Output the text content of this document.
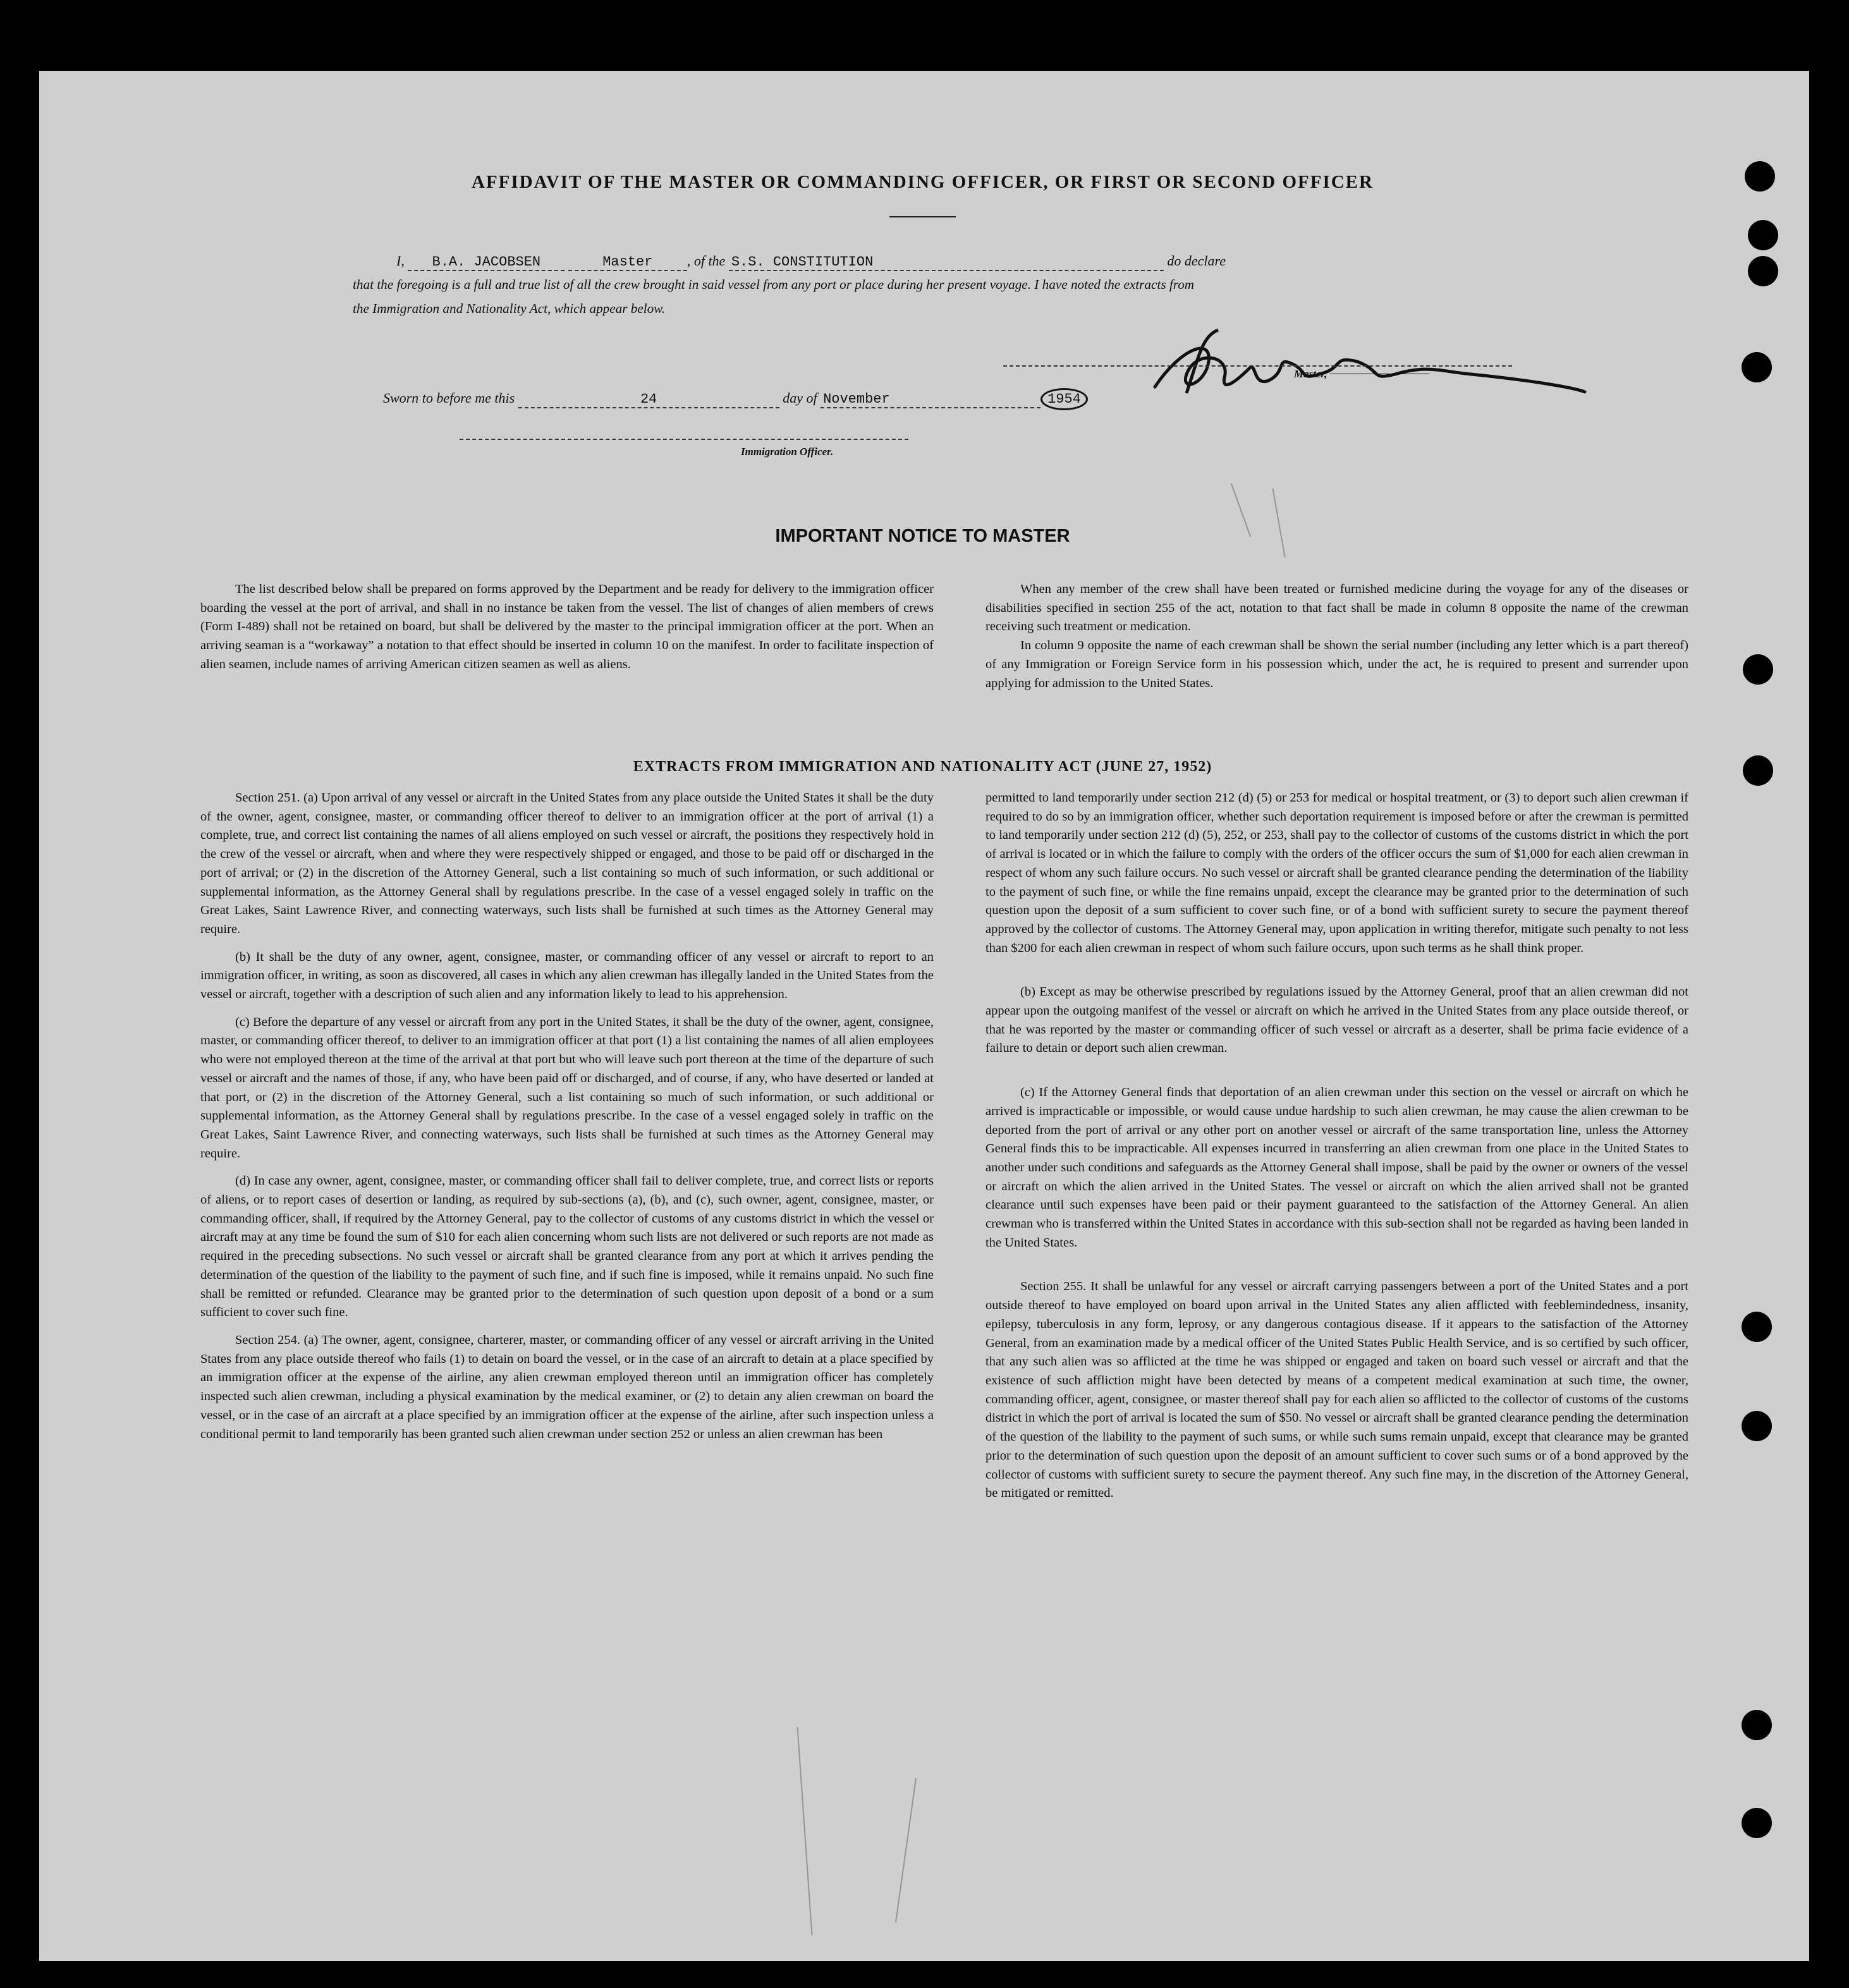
AFFIDAVIT OF THE MASTER OR COMMANDING OFFICER, OR FIRST OR SECOND OFFICER
I, B.A. JACOBSEN	Master , of the S.S. CONSTITUTION	do declare
that the foregoing is a full and true list of all the crew brought in said vessel from any port or place during her present voyage. I have noted the extracts from
the Immigration and Nationality Act, which appear below.
Master,
Sworn to before me this	24	day of November	1954
Immigration Officer.
IMPORTANT NOTICE TO MASTER

The list described below shall be prepared on forms approved by the Department and be ready for delivery to the immigration officer boarding the vessel at the port of arrival, and shall in no instance be taken from the vessel. The list of changes of alien members of crews (Form I-489) shall not be retained on board, but shall be delivered by the master to the principal immigration officer at the port. When an arriving seaman is a “workaway” a notation to that effect should be inserted in column 10 on the manifest. In order to facilitate inspection of alien seamen, include names of arriving American citizen seamen as well as aliens.

When any member of the crew shall have been treated or furnished medicine during the voyage for any of the diseases or disabilities specified in section 255 of the act, notation to that fact shall be made in column 8 opposite the name of the crewman receiving such treatment or medication.

In column 9 opposite the name of each crewman shall be shown the serial number (including any letter which is a part thereof) of any Immigration or Foreign Service form in his possession which, under the act, he is required to present and surrender upon applying for admission to the United States.

EXTRACTS FROM IMMIGRATION AND NATIONALITY ACT (JUNE 27, 1952)

Section 251. (a) Upon arrival of any vessel or aircraft in the United States from any place outside the United States it shall be the duty of the owner, agent, consignee, master, or commanding officer thereof to deliver to an immigration officer at the port of arrival (1) a complete, true, and correct list containing the names of all aliens employed on such vessel or aircraft, the positions they respectively hold in the crew of the vessel or aircraft, when and where they were respectively shipped or engaged, and those to be paid off or discharged in the port of arrival; or (2) in the discretion of the Attorney General, such a list containing so much of such information, or such additional or supplemental information, as the Attorney General shall by regulations prescribe. In the case of a vessel engaged solely in traffic on the Great Lakes, Saint Lawrence River, and connecting waterways, such lists shall be furnished at such times as the Attorney General may require.

(b) It shall be the duty of any owner, agent, consignee, master, or commanding officer of any vessel or aircraft to report to an immigration officer, in writing, as soon as discovered, all cases in which any alien crewman has illegally landed in the United States from the vessel or aircraft, together with a description of such alien and any information likely to lead to his apprehension.

(c) Before the departure of any vessel or aircraft from any port in the United States, it shall be the duty of the owner, agent, consignee, master, or commanding officer thereof, to deliver to an immigration officer at that port (1) a list containing the names of all alien employees who were not employed thereon at the time of the arrival at that port but who will leave such port thereon at the time of the departure of such vessel or aircraft and the names of those, if any, who have been paid off or discharged, and of course, if any, who have deserted or landed at that port, or (2) in the discretion of the Attorney General, such a list containing so much of such information, or such additional or supplemental information, as the Attorney General shall by regulations prescribe. In the case of a vessel engaged solely in traffic on the Great Lakes, Saint Lawrence River, and connecting waterways, such lists shall be furnished at such times as the Attorney General may require.

(d) In case any owner, agent, consignee, master, or commanding officer shall fail to deliver complete, true, and correct lists or reports of aliens, or to report cases of desertion or landing, as required by sub-sections (a), (b), and (c), such owner, agent, consignee, master, or commanding officer, shall, if required by the Attorney General, pay to the collector of customs of any customs district in which the vessel or aircraft may at any time be found the sum of $10 for each alien concerning whom such lists are not delivered or such reports are not made as required in the preceding subsections. No such vessel or aircraft shall be granted clearance from any port at which it arrives pending the determination of the question of the liability to the payment of such fine, and if such fine is imposed, while it remains unpaid. No such fine shall be remitted or refunded. Clearance may be granted prior to the determination of such question upon deposit of a bond or a sum sufficient to cover such fine.

Section 254. (a) The owner, agent, consignee, charterer, master, or commanding officer of any vessel or aircraft arriving in the United States from any place outside thereof who fails (1) to detain on board the vessel, or in the case of an aircraft to detain at a place specified by an immigration officer at the expense of the airline, any alien crewman employed thereon until an immigration officer has completely inspected such alien crewman, including a physical examination by the medical examiner, or (2) to detain any alien crewman on board the vessel, or in the case of an aircraft at a place specified by an immigration officer at the expense of the airline, after such inspection unless a conditional permit to land temporarily has been granted such alien crewman under section 252 or unless an alien crewman has been

permitted to land temporarily under section 212 (d) (5) or 253 for medical or hospital treatment, or (3) to deport such alien crewman if required to do so by an immigration officer, whether such deportation requirement is imposed before or after the crewman is permitted to land temporarily under section 212 (d) (5), 252, or 253, shall pay to the collector of customs of the customs district in which the port of arrival is located or in which the failure to comply with the orders of the officer occurs the sum of $1,000 for each alien crewman in respect of whom any such failure occurs. No such vessel or aircraft shall be granted clearance pending the determination of the liability to the payment of such fine, or while the fine remains unpaid, except the clearance may be granted prior to the determination of such question upon the deposit of a sum sufficient to cover such fine, or of a bond with sufficient surety to secure the payment thereof approved by the collector of customs. The Attorney General may, upon application in writing therefor, mitigate such penalty to not less than $200 for each alien crewman in respect of whom such failure occurs, upon such terms as he shall think proper.

(b) Except as may be otherwise prescribed by regulations issued by the Attorney General, proof that an alien crewman did not appear upon the outgoing manifest of the vessel or aircraft on which he arrived in the United States from any place outside thereof, or that he was reported by the master or commanding officer of such vessel or aircraft as a deserter, shall be prima facie evidence of a failure to detain or deport such alien crewman.

(c) If the Attorney General finds that deportation of an alien crewman under this section on the vessel or aircraft on which he arrived is impracticable or impossible, or would cause undue hardship to such alien crewman, he may cause the alien crewman to be deported from the port of arrival or any other port on another vessel or aircraft of the same transportation line, unless the Attorney General finds this to be impracticable. All expenses incurred in transferring an alien crewman from one place in the United States to another under such conditions and safeguards as the Attorney General shall impose, shall be paid by the owner or owners of the vessel or aircraft on which the alien arrived in the United States. The vessel or aircraft on which the alien arrived shall not be granted clearance until such expenses have been paid or their payment guaranteed to the satisfaction of the Attorney General. An alien crewman who is transferred within the United States in accordance with this sub-section shall not be regarded as having been landed in the United States.

Section 255. It shall be unlawful for any vessel or aircraft carrying passengers between a port of the United States and a port outside thereof to have employed on board upon arrival in the United States any alien afflicted with feeblemindedness, insanity, epilepsy, tuberculosis in any form, leprosy, or any dangerous contagious disease. If it appears to the satisfaction of the Attorney General, from an examination made by a medical officer of the United States Public Health Service, and is so certified by such officer, that any such alien was so afflicted at the time he was shipped or engaged and taken on board such vessel or aircraft and that the existence of such affliction might have been detected by means of a competent medical examination at such time, the owner, commanding officer, agent, consignee, or master thereof shall pay for each alien so afflicted to the collector of customs of the customs district in which the port of arrival is located the sum of $50. No vessel or aircraft shall be granted clearance pending the determination of the question of the liability to the payment of such sums, or while such sums remain unpaid, except that clearance may be granted prior to the determination of such question upon the deposit of an amount sufficient to cover such sums or of a bond approved by the collector of customs with sufficient surety to secure the payment thereof. Any such fine may, in the discretion of the Attorney General, be mitigated or remitted.
